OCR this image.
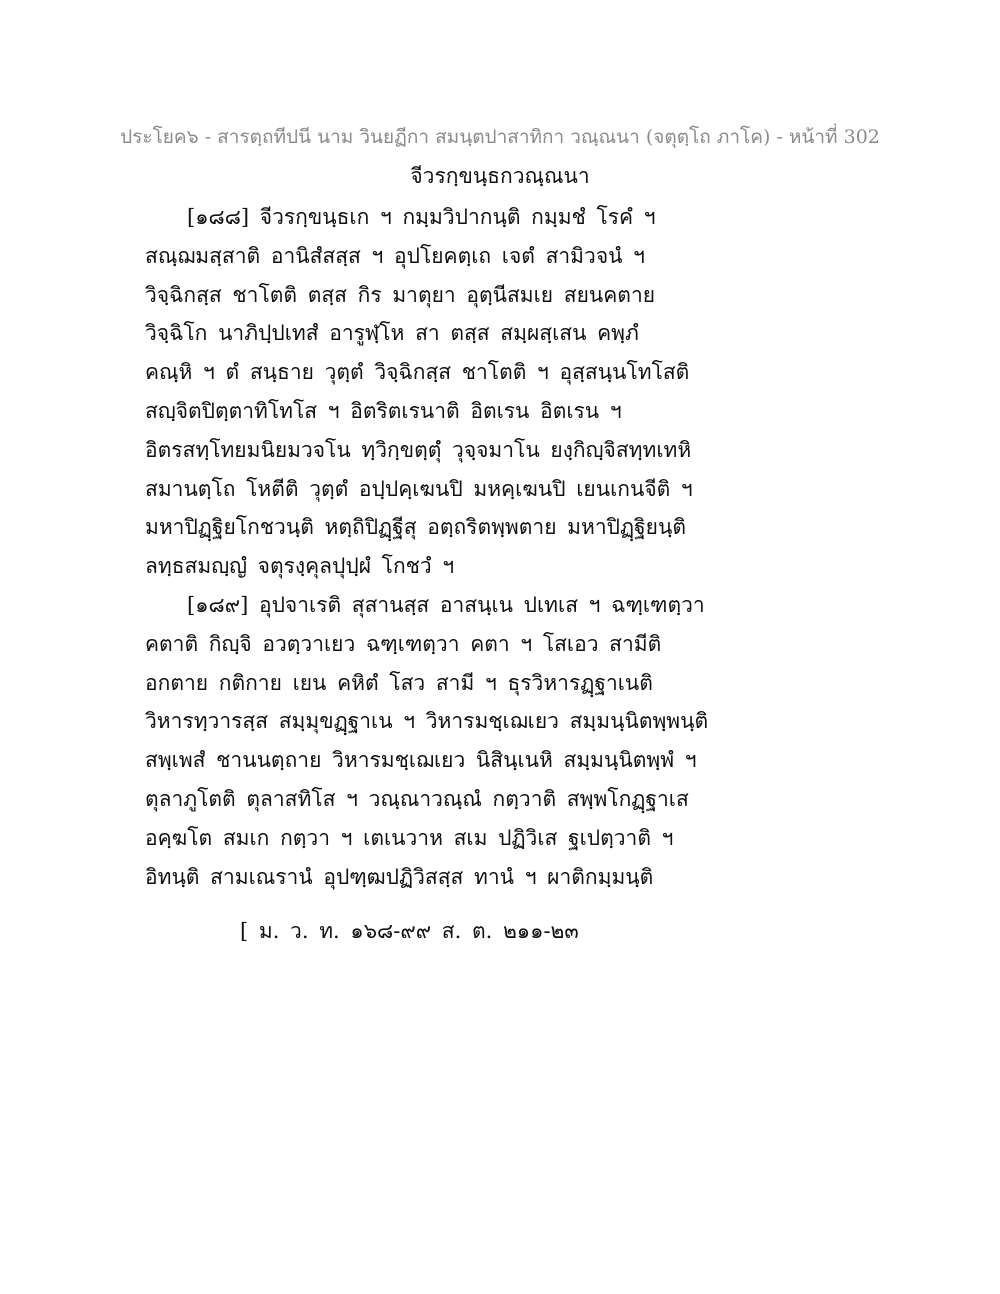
ประโยค๖ - สารตฺถทีปนี นาม วินยฏีกา สมนฺตปาสาทิกา วณฺณนา (จตุตฺโถ ภาโค) - หน้าที่ 302
จีวรกฺขนฺธกวณฺณนา
[๑๘๘] จีวรกฺขนฺธเก ฯ กมฺมวิปากนฺติ กมฺมชํ โรคํ ฯ
สณฺฌมสฺสาติ อานิสํสสฺส ฯ อุปโยคตฺเถ เจตํ สามิวจนํ ฯ
วิจฺฉิกสฺส ชาโตติ ตสฺส กิร มาตุยา อุตฺนีสมเย สยนคตาย
วิจฺฉิโก นาภิปฺปเทสํ อารูฬฺโห สา ตสฺส สมฺผสฺเสน คพฺภํ
คณฺหิ ฯ ตํ สนฺธาย วุตฺตํ วิจฺฉิกสฺส ชาโตติ ฯ อุสฺสนฺนโทโสติ
สญฺจิตปิตฺตาทิโทโส ฯ อิตริตเรนาติ อิตเรน อิตเรน ฯ
อิตรสทฺโทยมนิยมวจโน ทฺวิกฺขตฺตุํ วุจฺจมาโน ยงฺกิญฺจิสทฺทเทหิ
สมานตฺโถ โหตีติ วุตฺตํ อปฺปคฺเฆนปิ มหคฺเฆนปิ เยนเกนจีติ ฯ
มหาปิฏฺฐิยโกชวนฺติ หตฺถิปิฏฺฐีสุ อตฺถริตพฺพตาย มหาปิฏฺฐิยนฺติ
ลทฺธสมญฺญํ จตุรงฺคุลปุปฺผํ โกชวํ ฯ
[๑๘๙] อุปจาเรติ สุสานสฺส อาสนฺเน ปเทเส ฯ ฉฑฺเฑตฺวา
คตาติ กิญฺจิ อวตฺวาเยว ฉฑฺเฑตฺวา คตา ฯ โสเอว สามีติ
อกตาย กติกาย เยน คหิตํ โสว สามี ฯ ธุรวิหารฏฺฐาเนติ
วิหารทฺวารสฺส สมฺมุขฏฺฐาเน ฯ วิหารมชฺเฌเยว สมฺมนฺนิตพฺพนฺติ
สพฺเพสํ ชานนตฺถาย วิหารมชฺเฌเยว นิสินฺเนหิ สมฺมนฺนิตพฺพํ ฯ
ตุลาภูโตติ ตุลาสทิโส ฯ วณฺณาวณฺณํ กตฺวาติ สพฺพโกฏฺฐาเส
อคฺฆโต สมเก กตฺวา ฯ เตเนวาห สเม ปฏิวิเส ฐเปตฺวาติ ฯ
อิทนฺติ สามเณรานํ อุปฑฺฒปฏิวิสสฺส ทานํ ฯ ผาติกมฺมนฺติ
[ ม. ว. ท. ๑๖๘-๙๙ ส. ต. ๒๑๑-๒๓
